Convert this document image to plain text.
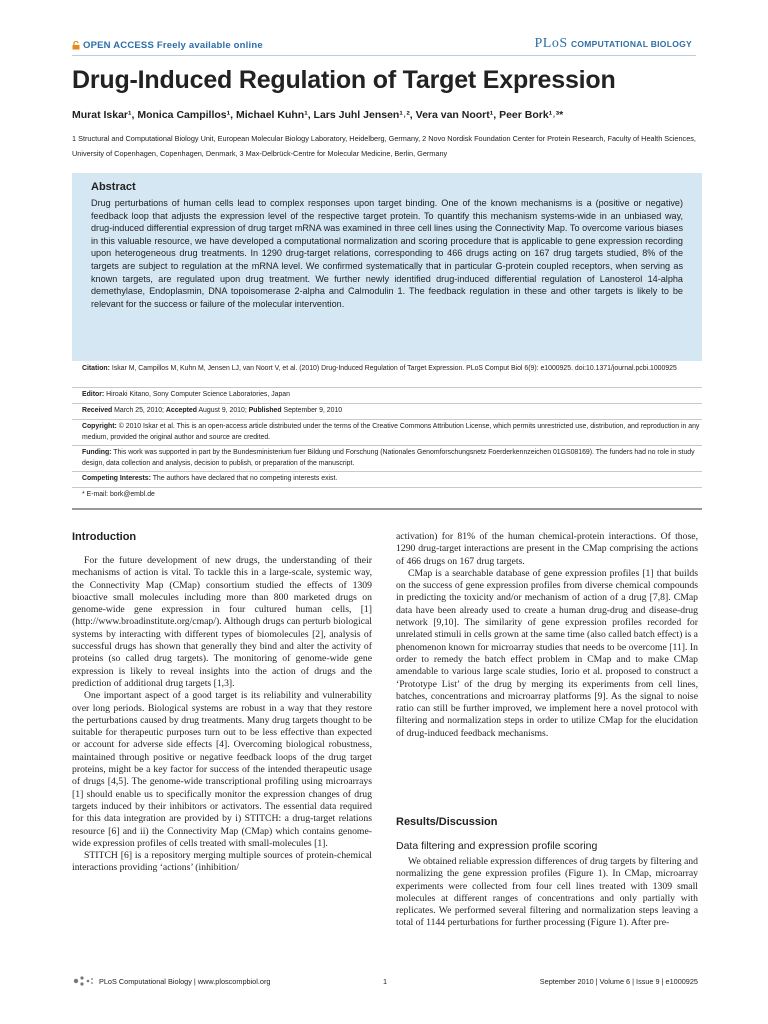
OPEN ACCESS Freely available online	PLoS COMPUTATIONAL BIOLOGY
Drug-Induced Regulation of Target Expression
Murat Iskar¹, Monica Campillos¹, Michael Kuhn¹, Lars Juhl Jensen¹˒², Vera van Noort¹, Peer Bork¹˒³*
1 Structural and Computational Biology Unit, European Molecular Biology Laboratory, Heidelberg, Germany, 2 Novo Nordisk Foundation Center for Protein Research, Faculty of Health Sciences, University of Copenhagen, Copenhagen, Denmark, 3 Max-Delbrück-Centre for Molecular Medicine, Berlin, Germany
Abstract

Drug perturbations of human cells lead to complex responses upon target binding. One of the known mechanisms is a (positive or negative) feedback loop that adjusts the expression level of the respective target protein. To quantify this mechanism systems-wide in an unbiased way, drug-induced differential expression of drug target mRNA was examined in three cell lines using the Connectivity Map. To overcome various biases in this valuable resource, we have developed a computational normalization and scoring procedure that is applicable to gene expression recording upon heterogeneous drug treatments. In 1290 drug-target relations, corresponding to 466 drugs acting on 167 drug targets studied, 8% of the targets are subject to regulation at the mRNA level. We confirmed systematically that in particular G-protein coupled receptors, when serving as known targets, are regulated upon drug treatment. We further newly identified drug-induced differential regulation of Lanosterol 14-alpha demethylase, Endoplasmin, DNA topoisomerase 2-alpha and Calmodulin 1. The feedback regulation in these and other targets is likely to be relevant for the success or failure of the molecular intervention.

Citation: Iskar M, Campillos M, Kuhn M, Jensen LJ, van Noort V, et al. (2010) Drug-Induced Regulation of Target Expression. PLoS Comput Biol 6(9): e1000925. doi:10.1371/journal.pcbi.1000925
Editor: Hiroaki Kitano, Sony Computer Science Laboratories, Japan
Received March 25, 2010; Accepted August 9, 2010; Published September 9, 2010
Copyright: © 2010 Iskar et al. This is an open-access article distributed under the terms of the Creative Commons Attribution License, which permits unrestricted use, distribution, and reproduction in any medium, provided the original author and source are credited.
Funding: This work was supported in part by the Bundesministerium fuer Bildung und Forschung (Nationales Genomforschungsnetz Foerderkennzeichen 01GS08169). The funders had no role in study design, data collection and analysis, decision to publish, or preparation of the manuscript.
Competing Interests: The authors have declared that no competing interests exist.
* E-mail: bork@embl.de
Introduction

For the future development of new drugs, the understanding of their mechanisms of action is vital. To tackle this in a large-scale, systemic way, the Connectivity Map (CMap) consortium studied the effects of 1309 bioactive small molecules including more than 800 marketed drugs on genome-wide gene expression in four cultured human cells, [1] (http://www.broadinstitute.org/cmap/). Although drugs can perturb biological systems by interacting with different types of biomolecules [2], analysis of successful drugs has shown that generally they bind and alter the activity of proteins (so called drug targets). The monitoring of genome-wide gene expression is likely to reveal insights into the action of drugs and the prediction of additional drug targets [1,3].

One important aspect of a good target is its reliability and vulnerability over long periods. Biological systems are robust in a way that they restore the perturbations caused by drug treatments. Many drug targets thought to be suitable for therapeutic purposes turn out to be less effective than expected or account for adverse side effects [4]. Overcoming biological robustness, maintained through positive or negative feedback loops of the drug target proteins, might be a key factor for success of the intended therapeutic usage of drugs [4,5]. The genome-wide transcriptional profiling using microarrays [1] should enable us to specifically monitor the expression changes of drug targets induced by their inhibitors or activators. The essential data required for this data integration are provided by i) STITCH: a drug-target relations resource [6] and ii) the Connectivity Map (CMap) which contains genome-wide expression profiles of cells treated with small-molecules [1].

STITCH [6] is a repository merging multiple sources of protein-chemical interactions providing ‘actions’ (inhibition/

activation) for 81% of the human chemical-protein interactions. Of those, 1290 drug-target interactions are present in the CMap comprising the actions of 466 drugs on 167 drug targets.

CMap is a searchable database of gene expression profiles [1] that builds on the success of gene expression profiles from diverse chemical compounds in predicting the toxicity and/or mechanism of action of a drug [7,8]. CMap data have been already used to create a human drug-drug and disease-drug network [9,10]. The similarity of gene expression profiles recorded for unrelated stimuli in cells grown at the same time (also called batch effect) is a phenomenon known for microarray studies that needs to be overcome [11]. In order to remedy the batch effect problem in CMap and to make CMap amendable to various large scale studies, Iorio et al. proposed to construct a ‘Prototype List’ of the drug by merging its experiments from cell lines, batches, concentrations and microarray platforms [9]. As the signal to noise ratio can still be further improved, we implement here a novel protocol with filtering and normalization steps in order to utilize CMap for the elucidation of drug-induced feedback mechanisms.

Results/Discussion
Data filtering and expression profile scoring

We obtained reliable expression differences of drug targets by filtering and normalizing the gene expression profiles (Figure 1). In CMap, microarray experiments were collected from four cell lines treated with 1309 small molecules at different ranges of concentrations and only partially with replicates. We performed several filtering and normalization steps leaving a total of 1144 perturbations for further processing (Figure 1). After pre-

PLoS Computational Biology | www.ploscompbiol.org	1	September 2010 | Volume 6 | Issue 9 | e1000925
